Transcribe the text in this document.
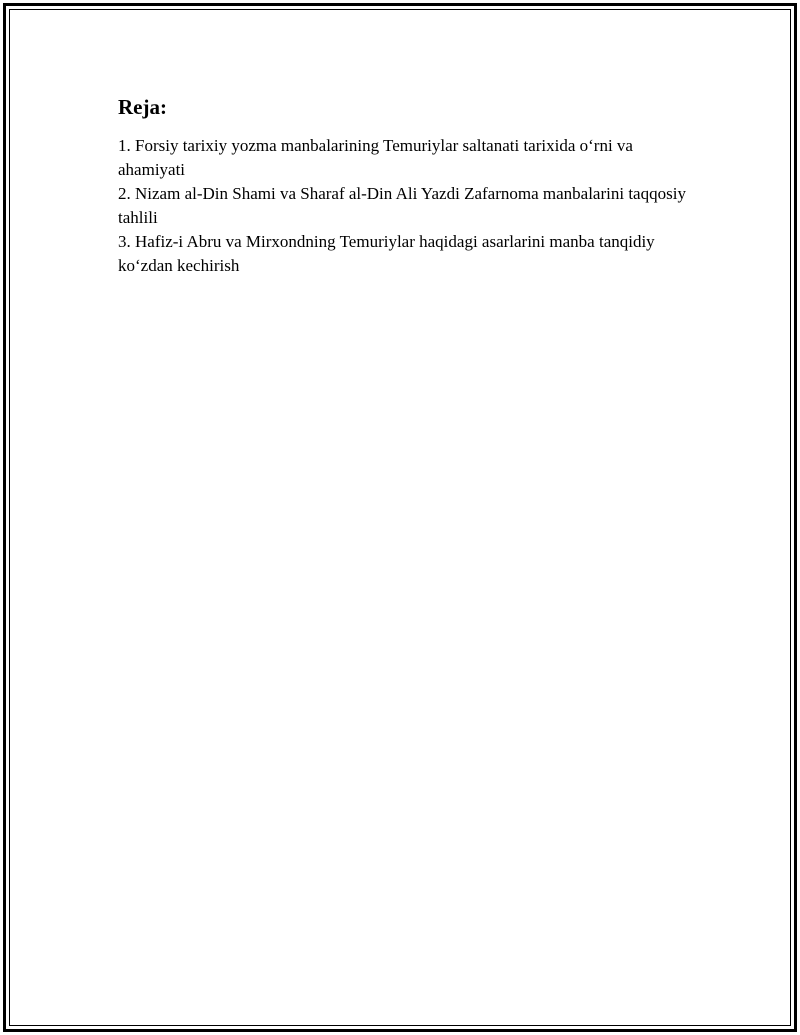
Reja:

1. Forsiy tarixiy yozma manbalarining Temuriylar saltanati tarixida o‘rni va ahamiyati

2. Nizam al-Din Shami va Sharaf al-Din Ali Yazdi Zafarnoma manbalarini taqqosiy tahlili

3. Hafiz-i Abru va Mirxondning Temuriylar haqidagi asarlarini manba tanqidiy ko‘zdan kechirish
